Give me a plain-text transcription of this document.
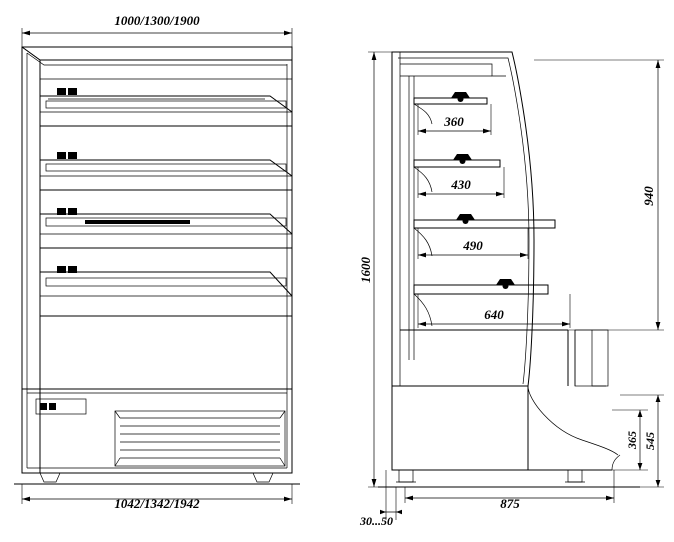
1000/1300/1900
1042/1342/1942
360
430
490
640
1600
940
365 545
875
30...50
